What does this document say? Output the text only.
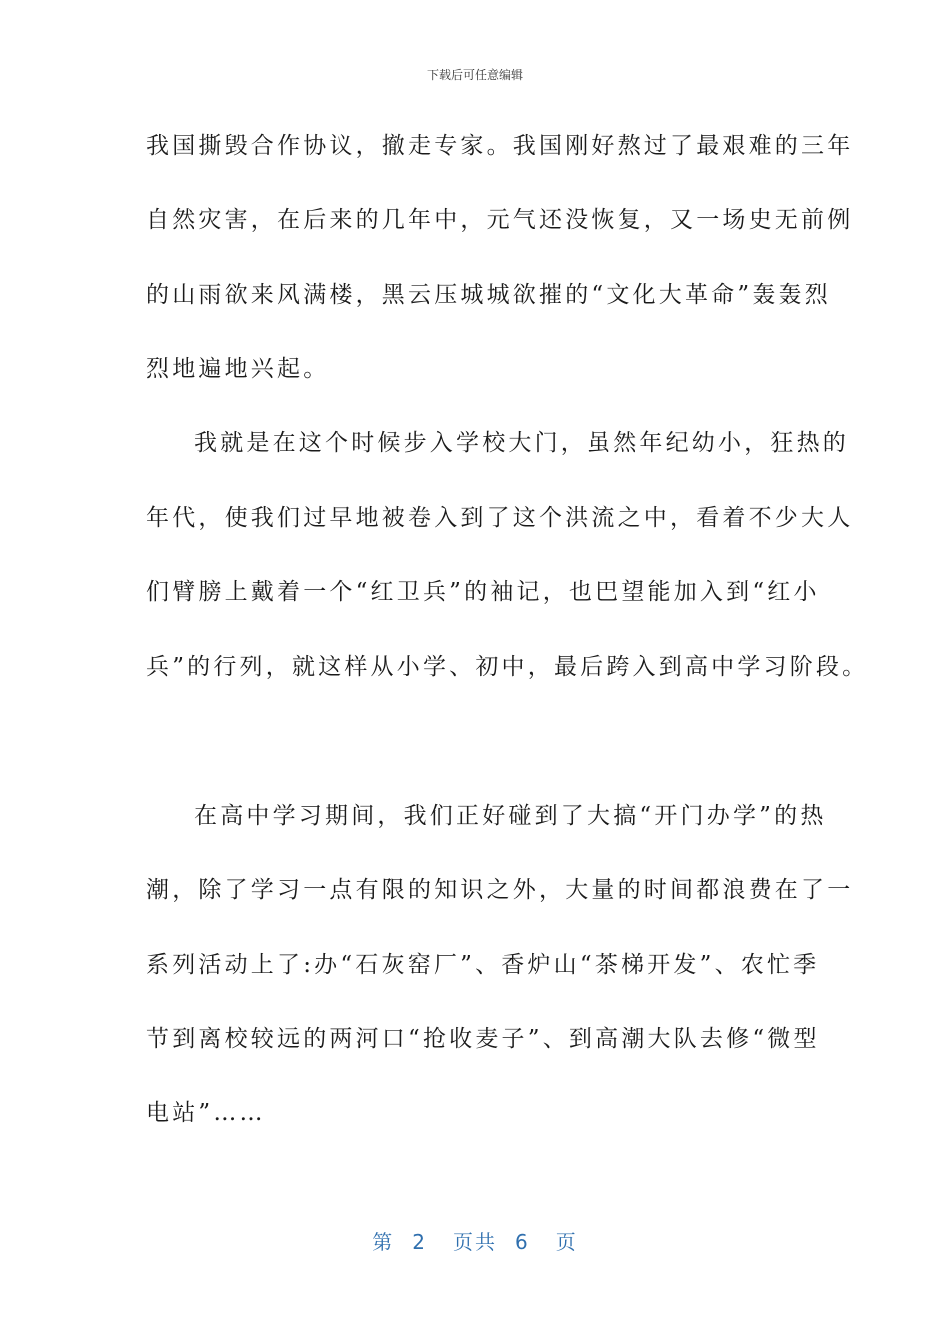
下载后可任意编辑
我国撕毁合作协议，撤走专家。我国刚好熬过了最艰难的三年
自然灾害，在后来的几年中，元气还没恢复，又一场史无前例
的山雨欲来风满楼，黑云压城城欲摧的“文化大革命”轰轰烈
烈地遍地兴起。
我就是在这个时候步入学校大门，虽然年纪幼小，狂热的
年代，使我们过早地被卷入到了这个洪流之中，看着不少大人
们臂膀上戴着一个“红卫兵”的袖记，也巴望能加入到“红小
兵”的行列，就这样从小学、初中，最后跨入到高中学习阶段。
在高中学习期间，我们正好碰到了大搞“开门办学”的热
潮，除了学习一点有限的知识之外，大量的时间都浪费在了一
系列活动上了:办“石灰窑厂”、香炉山“茶梯开发”、农忙季
节到离校较远的两河口“抢收麦子”、到高潮大队去修“微型
电站”……
第 2 页共 6 页
